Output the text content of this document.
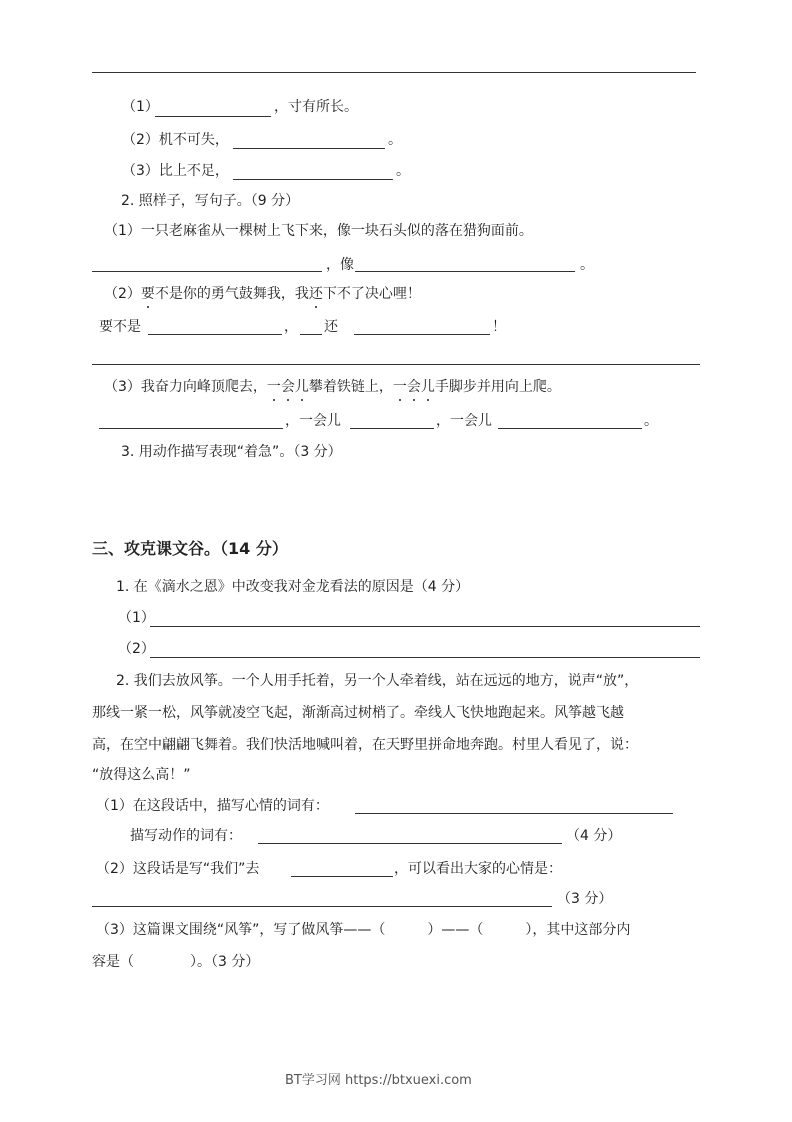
（1）	，寸有所长。
（2）机不可失，	。
（3）比上不足，	。
2. 照样子，写句子。（9 分）
（1）一只老麻雀从一棵树上飞下来，像一块石头似的落在猎狗面前。
，像	。
（2）要不是你的勇气鼓舞我，我还下不了决心哩！
要不是	， 还	！
（3）我奋力向峰顶爬去，一会儿攀着铁链上，一会儿手脚步并用向上爬。
，一会儿	，一会儿	。
3. 用动作描写表现“着急”。（3 分）
三、攻克课文谷。（14 分）
1. 在《滴水之恩》中改变我对金龙看法的原因是（4 分）
（1）
（2）
2. 我们去放风筝。一个人用手托着，另一个人牵着线，站在远远的地方，说声“放”，
那线一紧一松，风筝就凌空飞起，渐渐高过树梢了。牵线人飞快地跑起来。风筝越飞越
高，在空中翩翩飞舞着。我们快活地喊叫着，在天野里拼命地奔跑。村里人看见了，说：
“放得这么高！”
（1）在这段话中，描写心情的词有：
描写动作的词有：	（4 分）
（2）这段话是写“我们”去	，可以看出大家的心情是：
（3 分）
（3）这篇课文围绕“风筝”，写了做风筝——（　　　）——（　　　），其中这部分内
容是（　　　　）。（3 分）
BT学习网 https://btxuexi.com
